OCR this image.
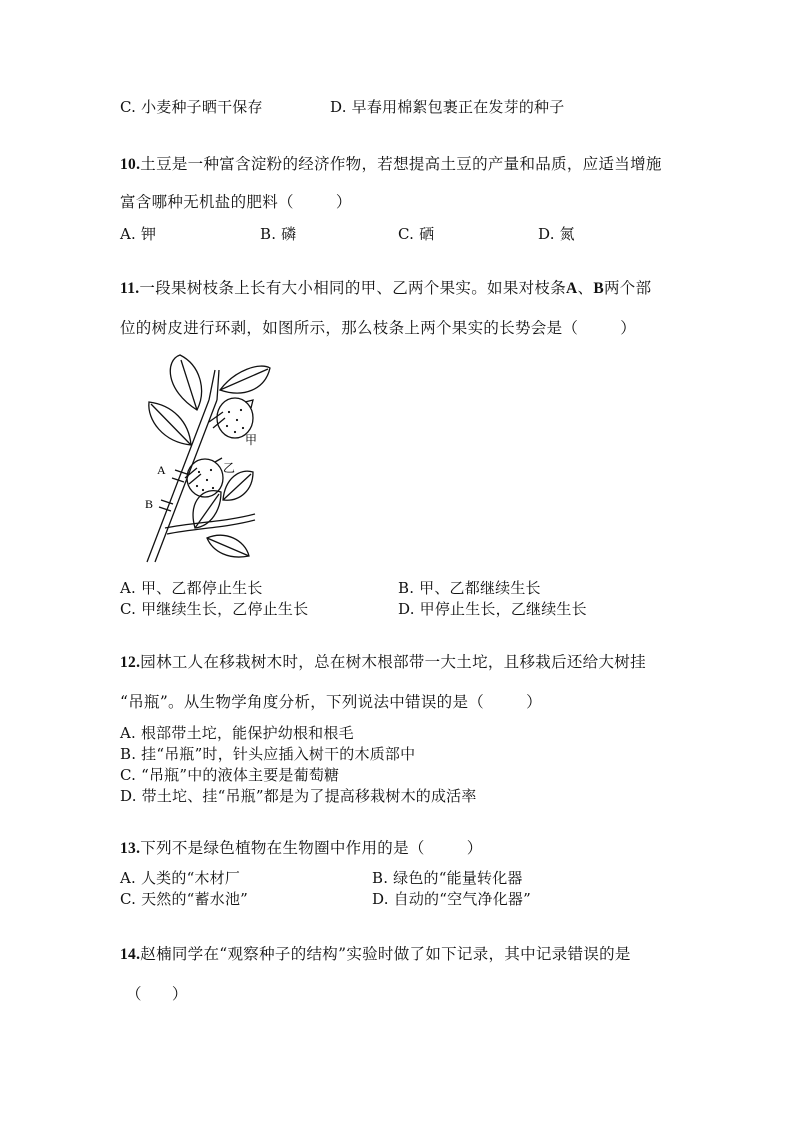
C. 小麦种子晒干保存	D. 早春用棉絮包裹正在发芽的种子
10.土豆是一种富含淀粉的经济作物，若想提高土豆的产量和品质，应适当增施
富含哪种无机盐的肥料（	）
A. 钾	B. 磷	C. 硒	D. 氮
11.一段果树枝条上长有大小相同的甲、乙两个果实。如果对枝条A、B两个部
位的树皮进行环剥，如图所示，那么枝条上两个果实的长势会是（	）
甲
乙
A
B
A. 甲、乙都停止生长	B. 甲、乙都继续生长
C. 甲继续生长，乙停止生长	D. 甲停止生长，乙继续生长
12.园林工人在移栽树木时，总在树木根部带一大土坨，且移栽后还给大树挂
“吊瓶”。从生物学角度分析，下列说法中错误的是（	）
A. 根部带土坨，能保护幼根和根毛
B. 挂“吊瓶”时，针头应插入树干的木质部中
C. “吊瓶”中的液体主要是葡萄糖
D. 带土坨、挂“吊瓶”都是为了提高移栽树木的成活率
13.下列不是绿色植物在生物圈中作用的是（	）
A. 人类的“木材厂	B. 绿色的“能量转化器
C. 天然的“蓄水池”	D. 自动的“空气净化器”
14.赵楠同学在“观察种子的结构”实验时做了如下记录，其中记录错误的是
（ ）
